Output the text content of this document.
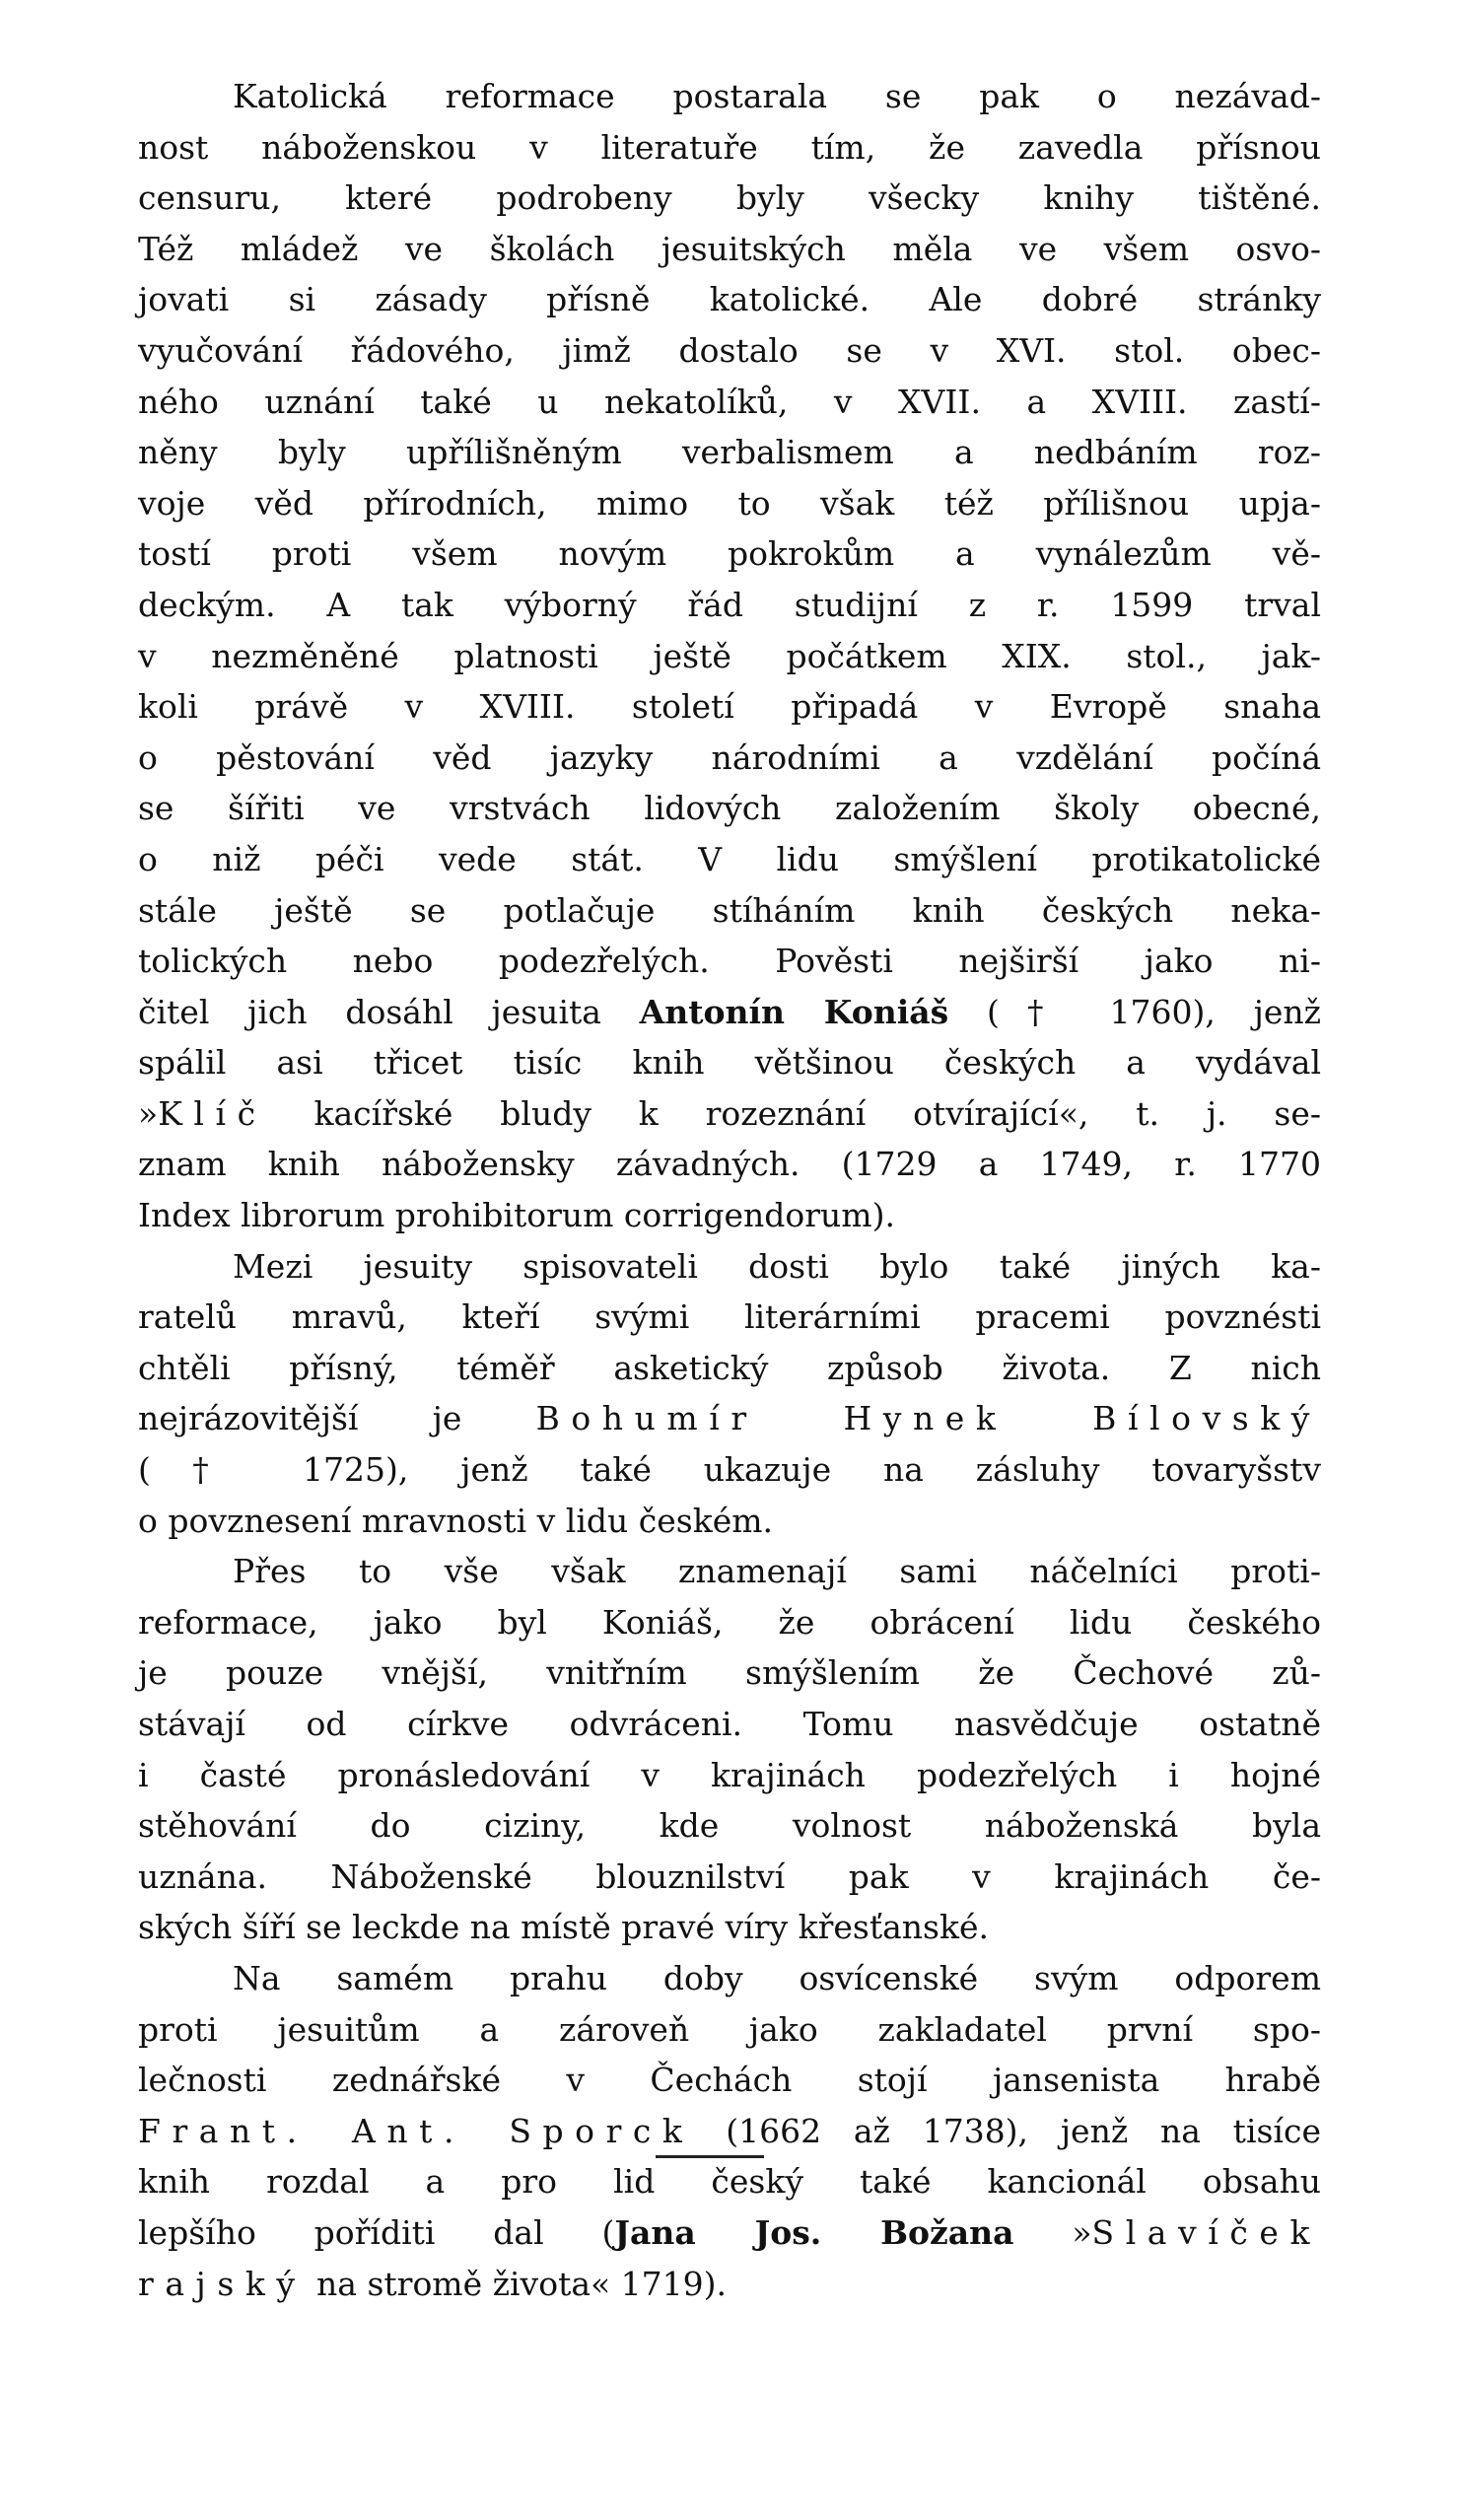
Katolická reformace postarala se pak o nezávad-
nost náboženskou v literatuře tím, že zavedla přísnou
censuru, které podrobeny byly všecky knihy tištěné.
Též mládež ve školách jesuitských měla ve všem osvo-
jovati si zásady přísně katolické. Ale dobré stránky
vyučování řádového, jimž dostalo se v XVI. stol. obec-
ného uznání také u nekatolíků, v XVII. a XVIII. zastí-
něny byly upřílišněným verbalismem a nedbáním roz-
voje věd přírodních, mimo to však též přílišnou upja-
tostí proti všem novým pokrokům a vynálezům vě-
deckým. A tak výborný řád studijní z r. 1599 trval
v nezměněné platnosti ještě počátkem XIX. stol., jak-
koli právě v XVIII. století připadá v Evropě snaha
o pěstování věd jazyky národními a vzdělání počíná
se šířiti ve vrstvách lidových založením školy obecné,
o niž péči vede stát. V lidu smýšlení protikatolické
stále ještě se potlačuje stíháním knih českých neka-
tolických nebo podezřelých. Pověsti nejširší jako ni-
čitel jich dosáhl jesuita Antonín Koniáš († 1760), jenž
spálil asi třicet tisíc knih většinou českých a vydával
»Klíč kacířské bludy k rozeznání otvírající«, t. j. se-
znam knih nábožensky závadných. (1729 a 1749, r. 1770
Index librorum prohibitorum corrigendorum).
Mezi jesuity spisovateli dosti bylo také jiných ka-
ratelů mravů, kteří svými literárními pracemi povznésti
chtěli přísný, téměř asketický způsob života. Z nich
nejrázovitější je Bohumír Hynek Bílovský
(† 1725), jenž také ukazuje na zásluhy tovaryšstv
o povznesení mravnosti v lidu českém.
Přes to vše však znamenají sami náčelníci proti-
reformace, jako byl Koniáš, že obrácení lidu českého
je pouze vnější, vnitřním smýšlením že Čechové zů-
stávají od církve odvráceni. Tomu nasvědčuje ostatně
i časté pronásledování v krajinách podezřelých i hojné
stěhování do ciziny, kde volnost náboženská byla
uznána. Náboženské blouznilství pak v krajinách če-
ských šíří se leckde na místě pravé víry křesťanské.
Na samém prahu doby osvícenské svým odporem
proti jesuitům a zároveň jako zakladatel první spo-
lečnosti zednářské v Čechách stojí jansenista hrabě
Frant. Ant. Sporck (1662 až 1738), jenž na tisíce
knih rozdal a pro lid český také kancionál obsahu
lepšího poříditi dal (Jana Jos. Božana »Slavíček
rajský na stromě života« 1719).
